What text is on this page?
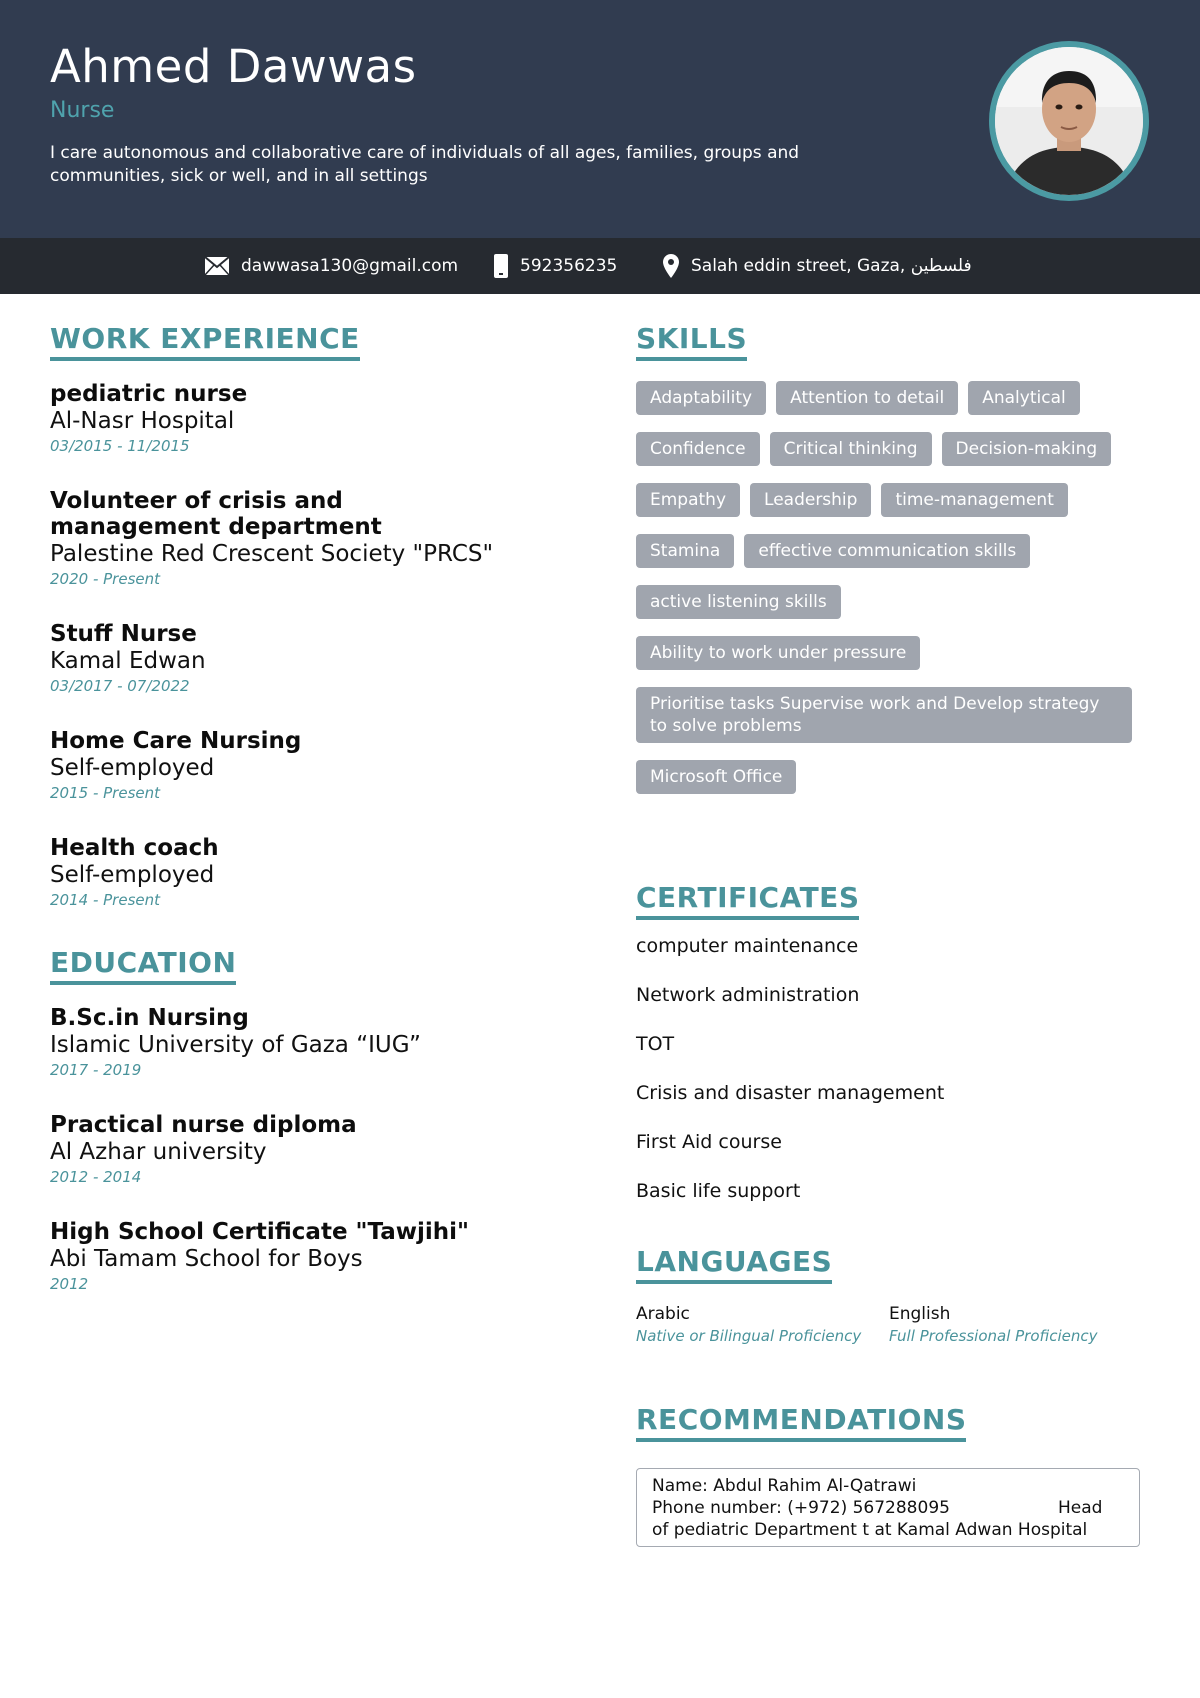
Ahmed Dawwas
Nurse
I care autonomous and collaborative care of individuals of all ages, families, groups and communities, sick or well, and in all settings
dawwasa130@gmail.com	592356235	Salah eddin street, Gaza, فلسطين
WORK EXPERIENCE
pediatric nurse
Al-Nasr Hospital
03/2015 - 11/2015
Volunteer of crisis and management department
Palestine Red Crescent Society "PRCS"
2020 - Present
Stuff Nurse
Kamal Edwan
03/2017 - 07/2022
Home Care Nursing
Self-employed
2015 - Present
Health coach
Self-employed
2014 - Present
EDUCATION
B.Sc.in Nursing
Islamic University of Gaza “IUG”
2017 - 2019
Practical nurse diploma
Al Azhar university
2012 - 2014
High School Certificate "Tawjihi"
Abi Tamam School for Boys
2012
SKILLS
Adaptability	Attention to detail	Analytical
Confidence	Critical thinking	Decision-making
Empathy	Leadership	time-management
Stamina	effective communication skills
active listening skills
Ability to work under pressure
Prioritise tasks Supervise work and Develop strategy to solve problems
Microsoft Office
CERTIFICATES
computer maintenance
Network administration
TOT
Crisis and disaster management
First Aid course
Basic life support
LANGUAGES
Arabic
Native or Bilingual Proficiency
English
Full Professional Proficiency
RECOMMENDATIONS
Name: Abdul Rahim Al-Qatrawi
Phone number: (+972) 567288095                    Head
of pediatric Department t at Kamal Adwan Hospital
